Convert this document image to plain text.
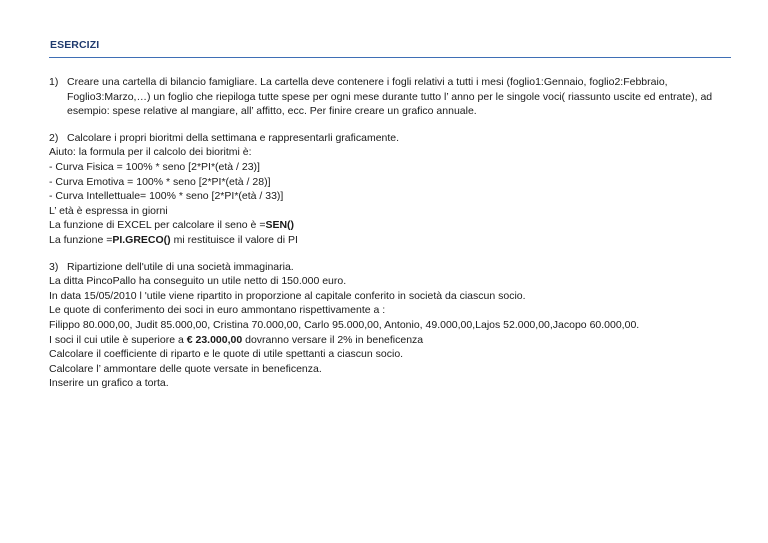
ESERCIZI
1) Creare una cartella di bilancio famigliare. La cartella deve contenere i fogli relativi a tutti i mesi (foglio1:Gennaio, foglio2:Febbraio, Foglio3:Marzo,…) un foglio che riepiloga tutte spese per ogni mese durante tutto l’ anno per le singole voci( riassunto uscite ed entrate), ad esempio: spese relative al mangiare, all’ affitto, ecc. Per finire creare un grafico annuale.
2) Calcolare i propri bioritmi della settimana e rappresentarli graficamente.
Aiuto: la formula per il calcolo dei bioritmi è:
- Curva Fisica = 100% * seno [2*PI*(età / 23)]
- Curva Emotiva = 100% * seno [2*PI*(età / 28)]
- Curva Intellettuale= 100% * seno [2*PI*(età / 33)]
L’ età è espressa in giorni
La funzione di EXCEL per calcolare il seno è =SEN()
La funzione =PI.GRECO() mi restituisce il valore di PI
3) Ripartizione dell'utile di una società immaginaria.
La ditta PincoPallo ha conseguito un utile netto di 150.000 euro.
In data 15/05/2010 l 'utile viene ripartito in proporzione al capitale conferito in società da ciascun socio.
Le quote di conferimento dei soci in euro ammontano rispettivamente a :
Filippo 80.000,00, Judit 85.000,00, Cristina 70.000,00, Carlo 95.000,00, Antonio, 49.000,00,Lajos 52.000,00,Jacopo 60.000,00.
I soci il cui utile è superiore a € 23.000,00 dovranno versare il 2% in beneficenza
Calcolare il coefficiente di riparto e le quote di utile spettanti a ciascun socio.
Calcolare l’ ammontare delle quote versate in beneficenza.
Inserire un grafico a torta.
